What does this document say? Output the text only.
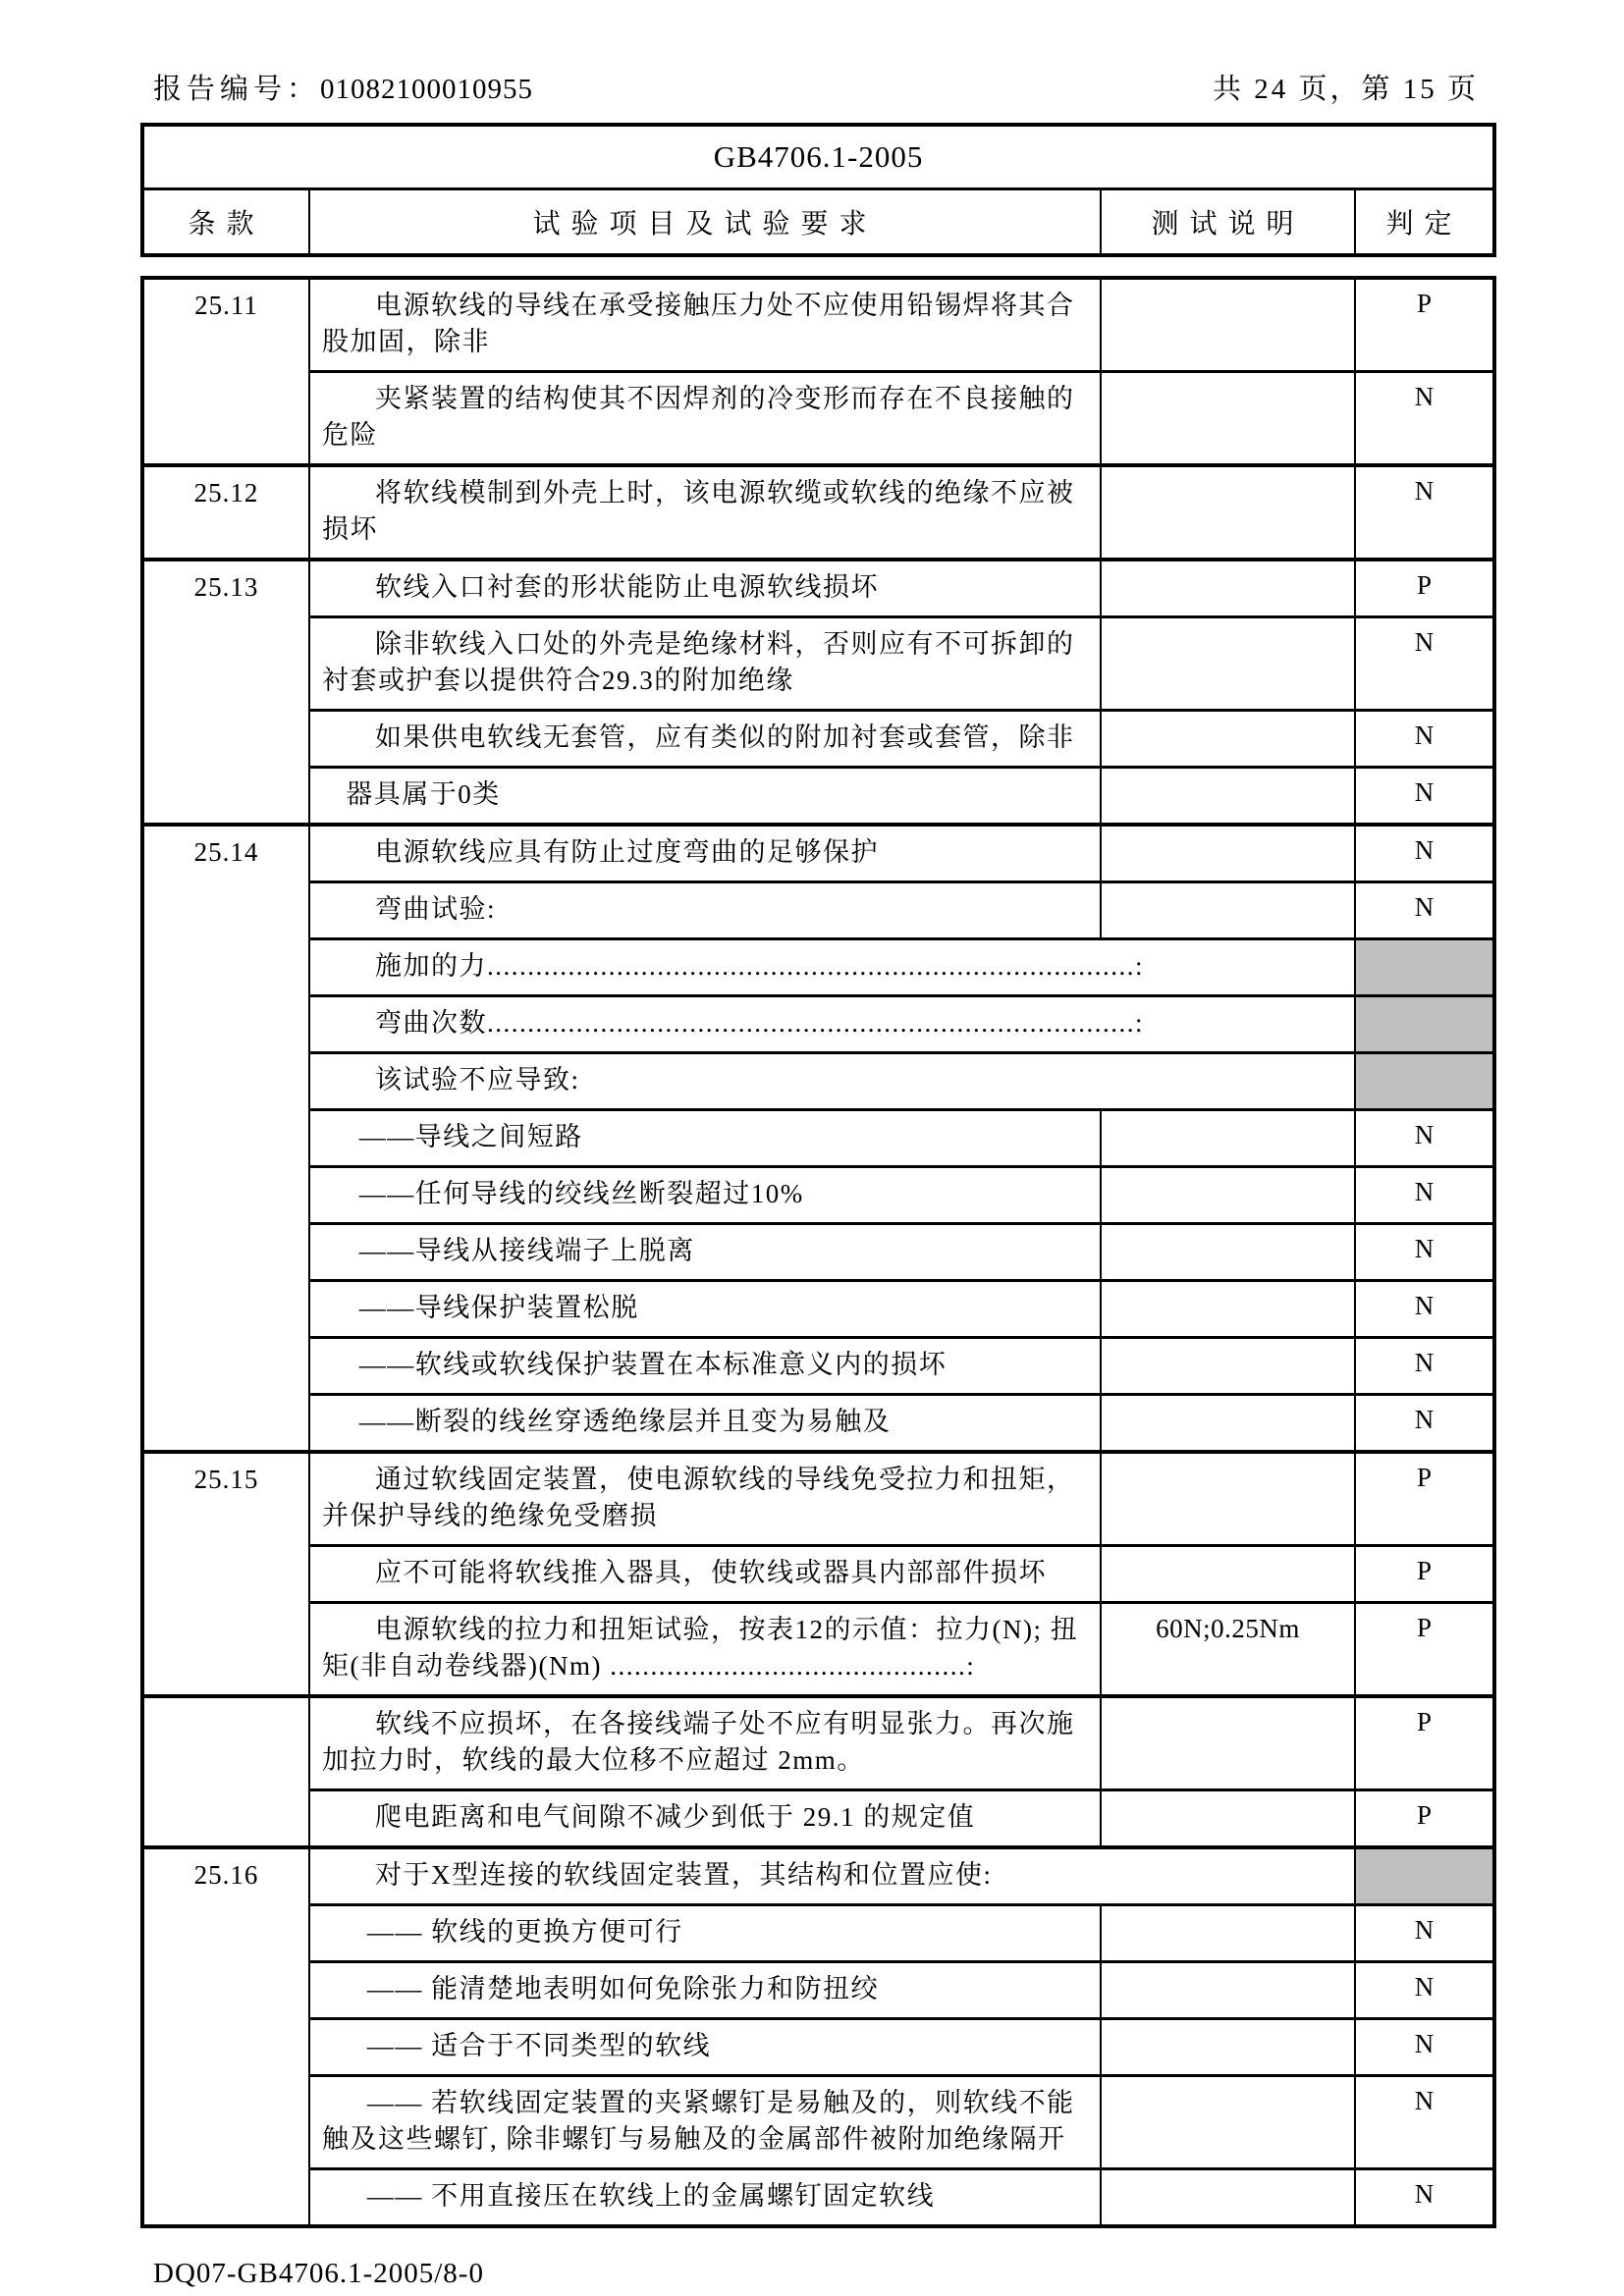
报告编号：01082100010955	共 24 页，第 15 页
GB4706.1-2005
条款	试验项目及试验要求	测试说明	判定
25.11	电源软线的导线在承受接触压力处不应使用铅锡焊将其合股加固，除非		P
	夹紧装置的结构使其不因焊剂的冷变形而存在不良接触的危险		N
25.12	将软线模制到外壳上时，该电源软缆或软线的绝缘不应被损坏		N
25.13	软线入口衬套的形状能防止电源软线损坏		P
	除非软线入口处的外壳是绝缘材料，否则应有不可拆卸的衬套或护套以提供符合29.3的附加绝缘		N
	如果供电软线无套管，应有类似的附加衬套或套管，除非		N
	器具属于0类		N
25.14	电源软线应具有防止过度弯曲的足够保护		N
	弯曲试验:		N
	施加的力................................................................................:		
	弯曲次数................................................................................:		
	该试验不应导致:		
	——导线之间短路		N
	——任何导线的绞线丝断裂超过10%		N
	——导线从接线端子上脱离		N
	——导线保护装置松脱		N
	——软线或软线保护装置在本标准意义内的损坏		N
	——断裂的线丝穿透绝缘层并且变为易触及		N
25.15	通过软线固定装置，使电源软线的导线免受拉力和扭矩，并保护导线的绝缘免受磨损		P
	应不可能将软线推入器具，使软线或器具内部部件损坏		P
	电源软线的拉力和扭矩试验，按表12的示值：拉力(N); 扭矩(非自动卷线器)(Nm) ............................................:	60N;0.25Nm	P
	软线不应损坏，在各接线端子处不应有明显张力。再次施加拉力时，软线的最大位移不应超过 2mm。		P
	爬电距离和电气间隙不减少到低于 29.1 的规定值		P
25.16	对于X型连接的软线固定装置，其结构和位置应使:		
	—— 软线的更换方便可行		N
	—— 能清楚地表明如何免除张力和防扭绞		N
	—— 适合于不同类型的软线		N
	—— 若软线固定装置的夹紧螺钉是易触及的，则软线不能触及这些螺钉, 除非螺钉与易触及的金属部件被附加绝缘隔开		N
	—— 不用直接压在软线上的金属螺钉固定软线		N
DQ07-GB4706.1-2005/8-0
